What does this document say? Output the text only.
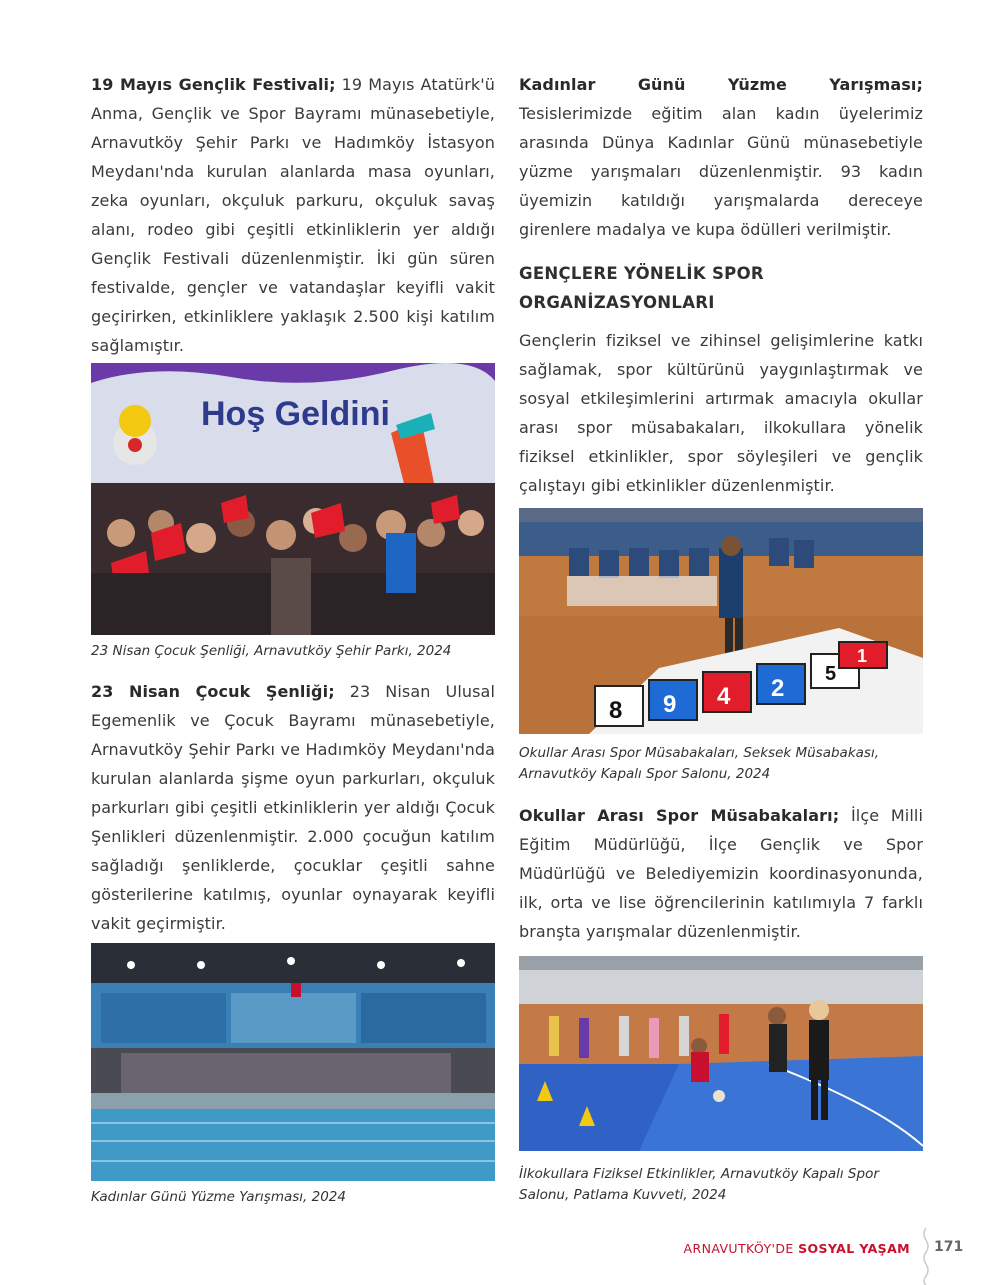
19 Mayıs Gençlik Festivali; 19 Mayıs Atatürk'ü Anma, Gençlik ve Spor Bayramı münasebetiyle, Arnavutköy Şehir Parkı ve Hadımköy İstasyon Meydanı'nda kurulan alanlarda masa oyunları, zeka oyunları, okçuluk parkuru, okçuluk savaş alanı, rodeo gibi çeşitli etkinliklerin yer aldığı Gençlik Festivali düzenlenmiştir. İki gün süren festivalde, gençler ve vatandaşlar keyifli vakit geçirirken, etkinliklere yaklaşık 2.500 kişi katılım sağlamıştır.

Hoş Geldini

23 Nisan Çocuk Şenliği, Arnavutköy Şehir Parkı, 2024

23 Nisan Çocuk Şenliği; 23 Nisan Ulusal Egemenlik ve Çocuk Bayramı münasebetiyle, Arnavutköy Şehir Parkı ve Hadımköy Meydanı'nda kurulan alanlarda şişme oyun parkurları, okçuluk parkurları gibi çeşitli etkinliklerin yer aldığı Çocuk Şenlikleri düzenlenmiştir. 2.000 çocuğun katılım sağladığı şenliklerde, çocuklar çeşitli sahne gösterilerine katılmış, oyunlar oynayarak keyifli vakit geçirmiştir.

Kadınlar Günü Yüzme Yarışması, 2024

Kadınlar Günü Yüzme Yarışması; Tesislerimizde eğitim alan kadın üyelerimiz arasında Dünya Kadınlar Günü münasebetiyle yüzme yarışmaları düzenlenmiştir. 93 kadın üyemizin katıldığı yarışmalarda dereceye girenlere madalya ve kupa ödülleri verilmiştir.

GENÇLERE YÖNELİK SPOR ORGANİZASYONLARI

Gençlerin fiziksel ve zihinsel gelişimlerine katkı sağlamak, spor kültürünü yaygınlaştırmak ve sosyal etkileşimlerini artırmak amacıyla okullar arası spor müsabakaları, ilkokullara yönelik fiziksel etkinlikler, spor söyleşileri ve gençlik çalıştayı gibi etkinlikler düzenlenmiştir.

8 9 4 2
5
1

Okullar Arası Spor Müsabakaları, Seksek Müsabakası, Arnavutköy Kapalı Spor Salonu, 2024

Okullar Arası Spor Müsabakaları; İlçe Milli Eğitim Müdürlüğü, İlçe Gençlik ve Spor Müdürlüğü ve Belediyemizin koordinasyonunda, ilk, orta ve lise öğrencilerinin katılımıyla 7 farklı branşta yarışmalar düzenlenmiştir.

İlkokullara Fiziksel Etkinlikler, Arnavutköy Kapalı Spor Salonu, Patlama Kuvveti, 2024

ARNAVUTKÖY'DE SOSYAL YAŞAM 171
